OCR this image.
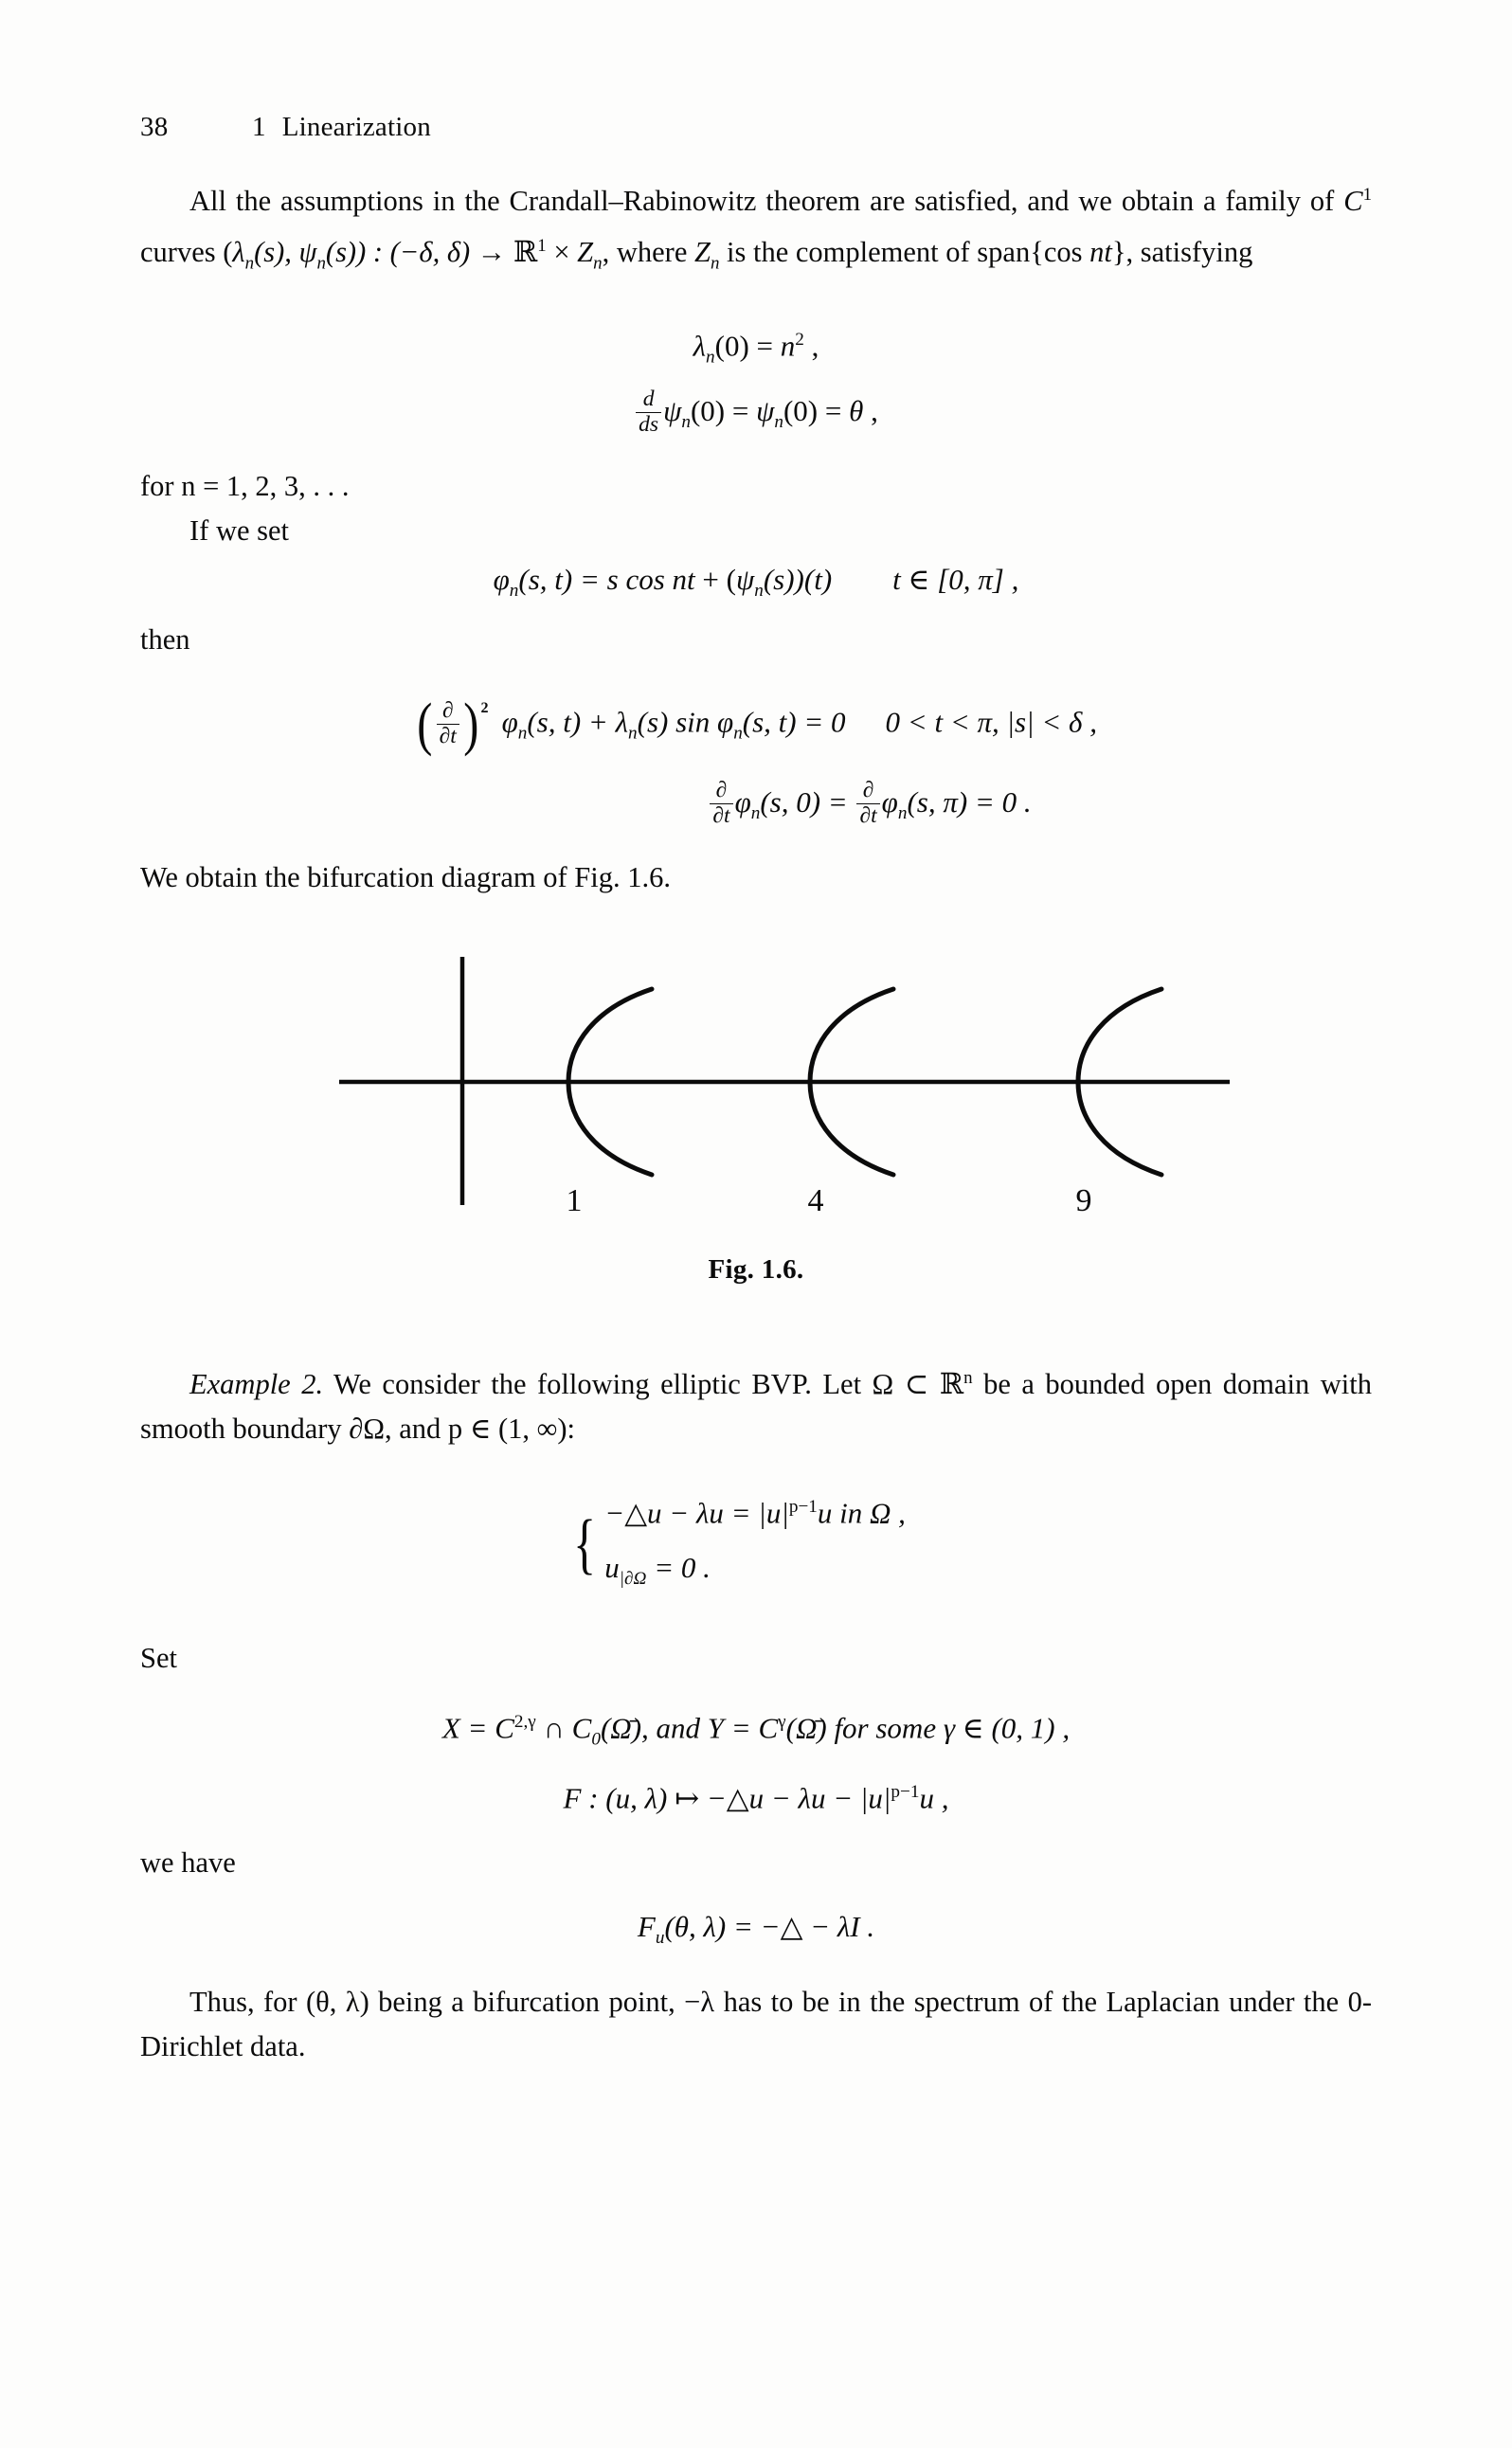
38	1 Linearization
All the assumptions in the Crandall–Rabinowitz theorem are satisfied, and we obtain a family of $C^1$ curves ($\lambda_n(s)$, $\psi_n(s)$) : (−δ, δ) → ℝ$^1$ × $Z_n$, where $Z_n$ is the complement of span{cos nt}, satisfying
$\lambda_n(0) = n^2$ ,
$\frac{d}{ds} \psi_n(0) = \psi_n(0) = \theta$ ,
for n = 1, 2, 3, . . .
If we set
$\varphi_n(s$, t) = s cos nt + $(\psi_n(s))(t)$ t ∈ [0, π] ,
then
( $\frac{\partial}{\partial t}$ ) $^2$ $\varphi_n(s$, $t) + \lambda_n(s)$ $\sin \varphi_n(s$, t) = 0 0 < t < π, |s| < δ ,
$\frac{\partial}{\partial t} \varphi_n(s$, $0) = \frac{\partial}{\partial t} \varphi_n(s$, π) = 0 .
We obtain the bifurcation diagram of Fig. 1.6.
1	4	9
Fig. 1.6.
Example 2. We consider the following elliptic BVP. Let Ω ⊂ ℝ$^n$ be a bounded open domain with smooth boundary ∂Ω, and p ∈ (1, ∞):
{ −△u − $\lambda u = |u|^{p-1}u$ in Ω ,
$u_{|\partial\Omega} = 0$ .
Set
$X = C^{2,\gamma}$ ∩ $C_0(\Omegā)$, and $Y = C^\gamma(\Omegā)$ for some γ ∈ (0, 1) ,
F : (u, λ) ↦ −△u − $\lambda u - |u|^{p-1}u$ ,
we have
$F_u(\theta$, λ) = −△ − λI .
Thus, for (θ, λ) being a bifurcation point, −λ has to be in the spectrum of the Laplacian under the 0-Dirichlet data.
